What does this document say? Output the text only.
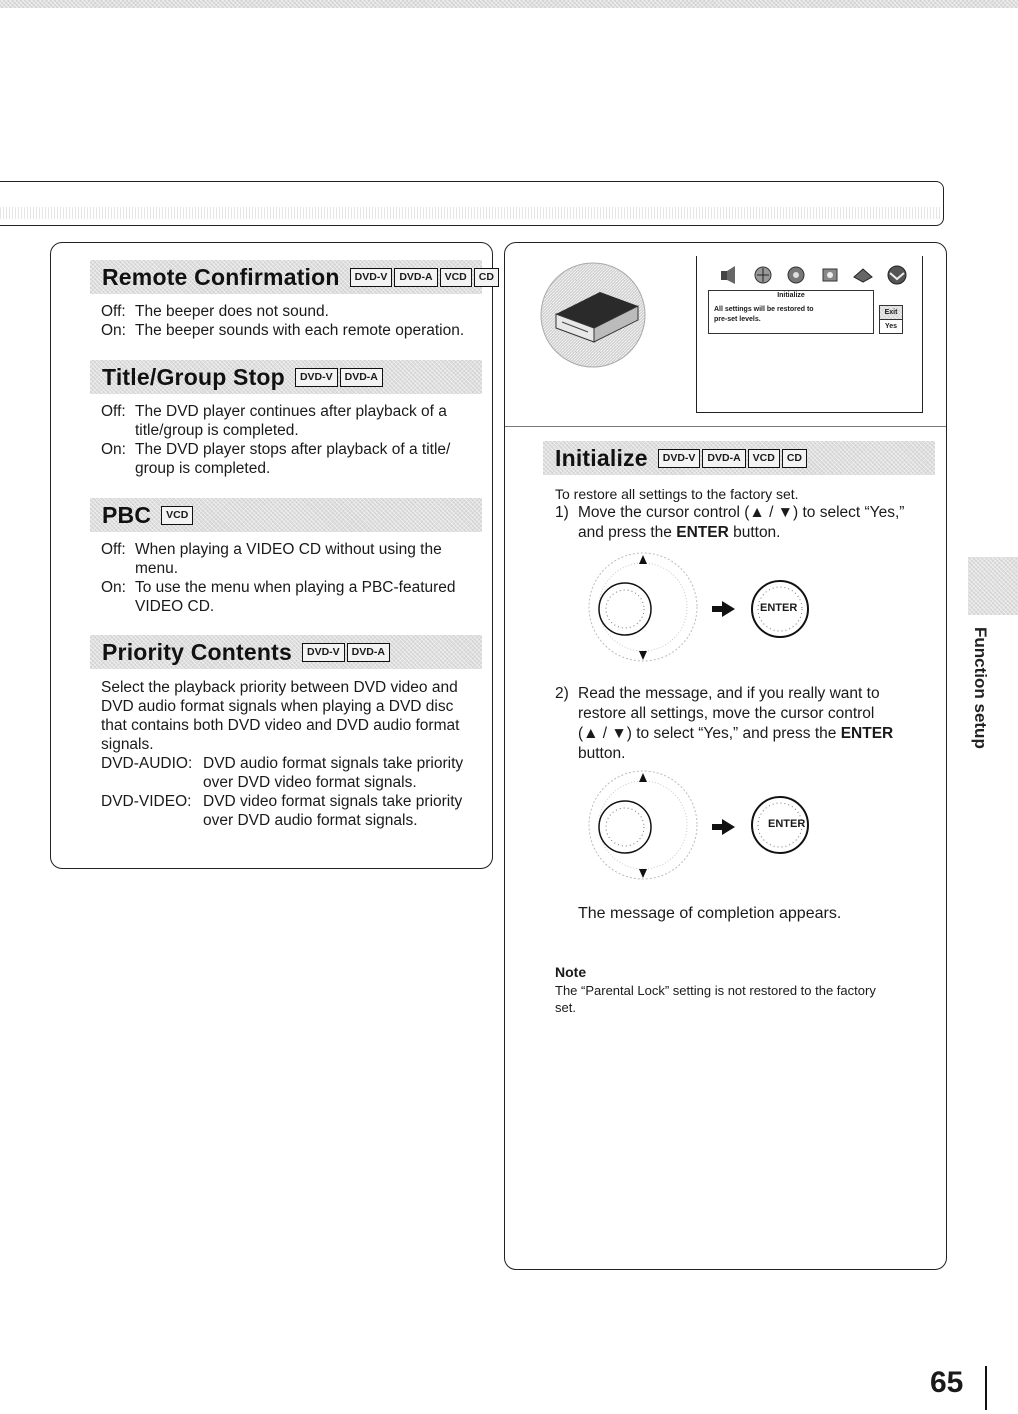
Remote Confirmation	DVD-V	DVD-A	VCD	CD
Off: The beeper does not sound.
On: The beeper sounds with each remote operation.
Title/Group Stop	DVD-V	DVD-A
Off: The DVD player continues after playback of a
title/group is completed.
On: The DVD player stops after playback of a title/
group is completed.
PBC	VCD
Off: When playing a VIDEO CD without using the
menu.
On: To use the menu when playing a PBC-featured
VIDEO CD.
Priority Contents	DVD-V	DVD-A
Select the playback priority between DVD video and
DVD audio format signals when playing a DVD disc
that contains both DVD video and DVD audio format
signals.
DVD-AUDIO: DVD audio format signals take priority
over DVD video format signals.
DVD-VIDEO: DVD video format signals take priority
over DVD audio format signals.
Initialize
All settings will be restored to
pre-set levels.
Exit
Yes
Initialize	DVD-V	DVD-A	VCD	CD
To restore all settings to the factory set.
1) Move the cursor control (▲ / ▼) to select “Yes,”
and press the ENTER button.
ENTER
2) Read the message, and if you really want to
restore all settings, move the cursor control
(▲ / ▼) to select “Yes,” and press the ENTER
button.
ENTER
The message of completion appears.
Note
The “Parental Lock” setting is not restored to the factory
set.
Function setup
65
